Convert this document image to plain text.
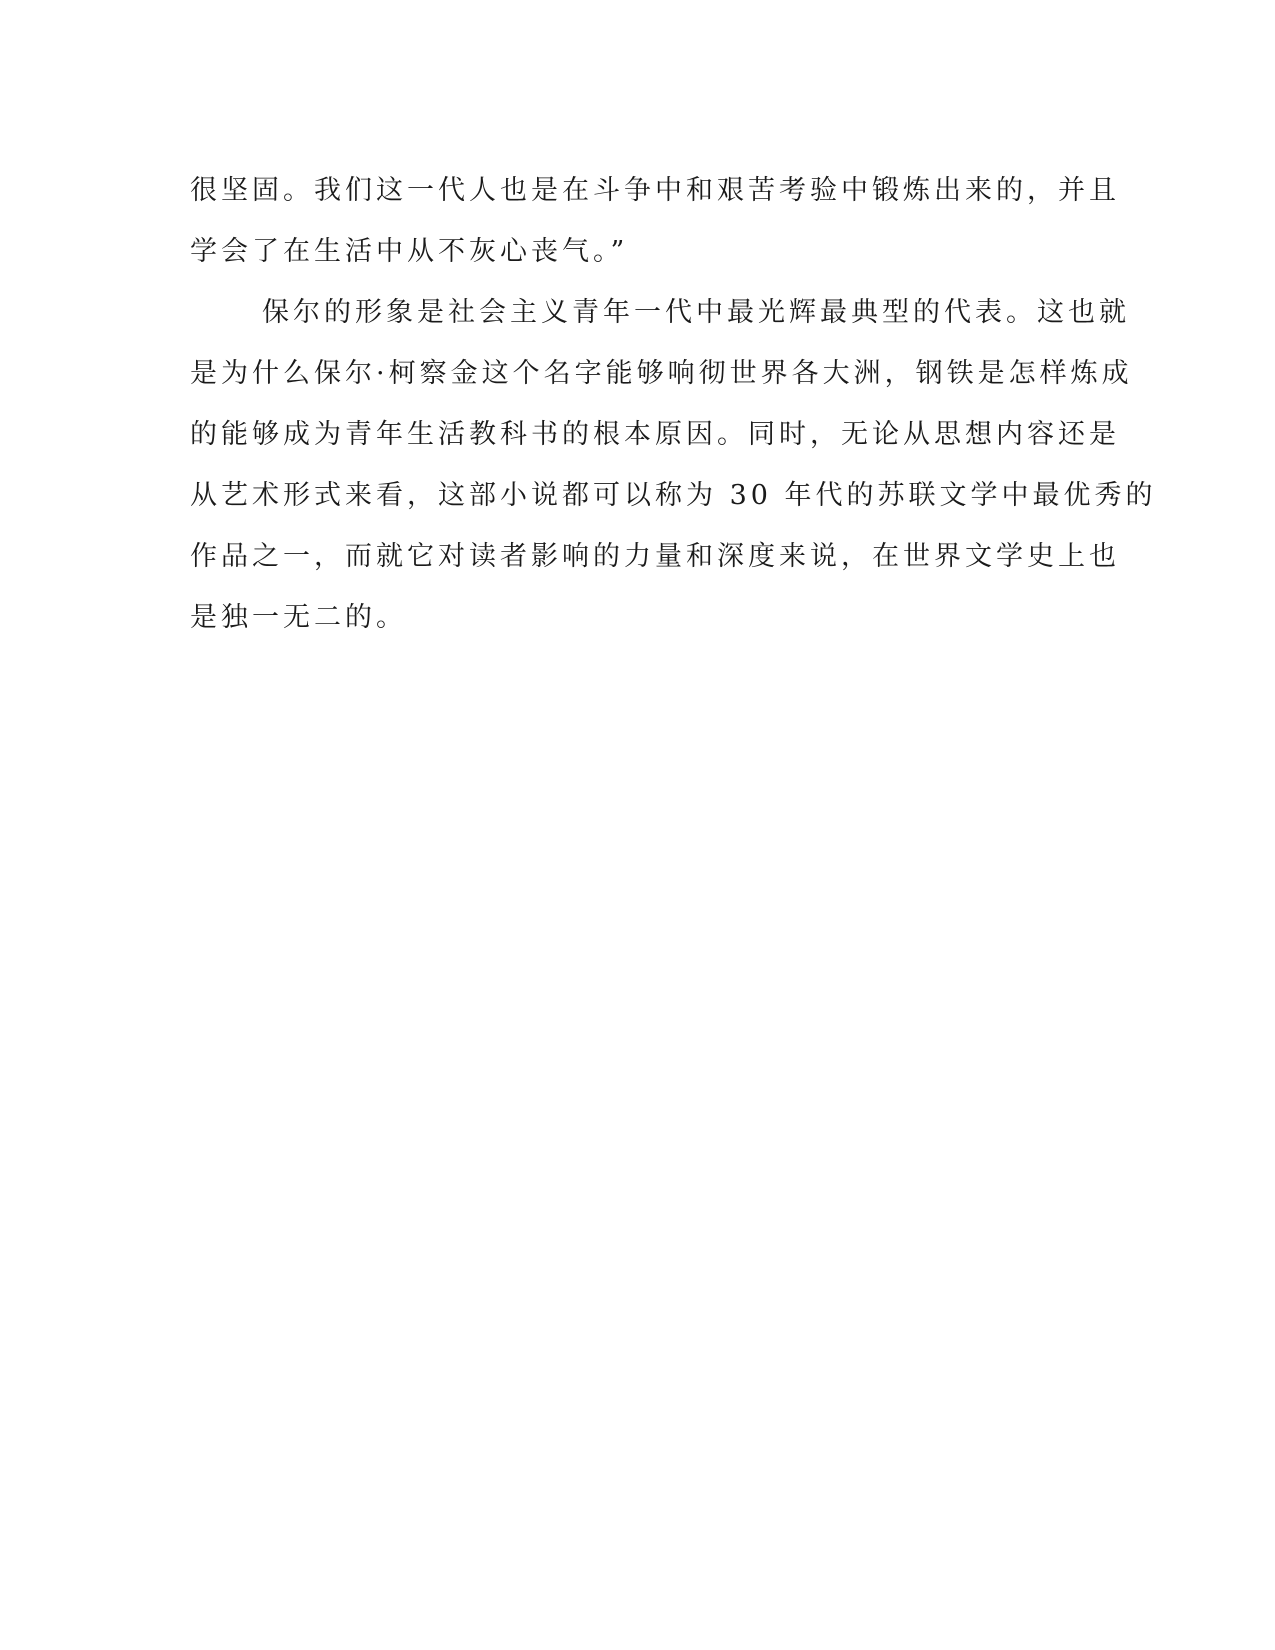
很坚固。我们这一代人也是在斗争中和艰苦考验中锻炼出来的，并且
学会了在生活中从不灰心丧气。”
保尔的形象是社会主义青年一代中最光辉最典型的代表。这也就
是为什么保尔·柯察金这个名字能够响彻世界各大洲，钢铁是怎样炼成
的能够成为青年生活教科书的根本原因。同时，无论从思想内容还是
从艺术形式来看，这部小说都可以称为 30 年代的苏联文学中最优秀的
作品之一，而就它对读者影响的力量和深度来说，在世界文学史上也
是独一无二的。
